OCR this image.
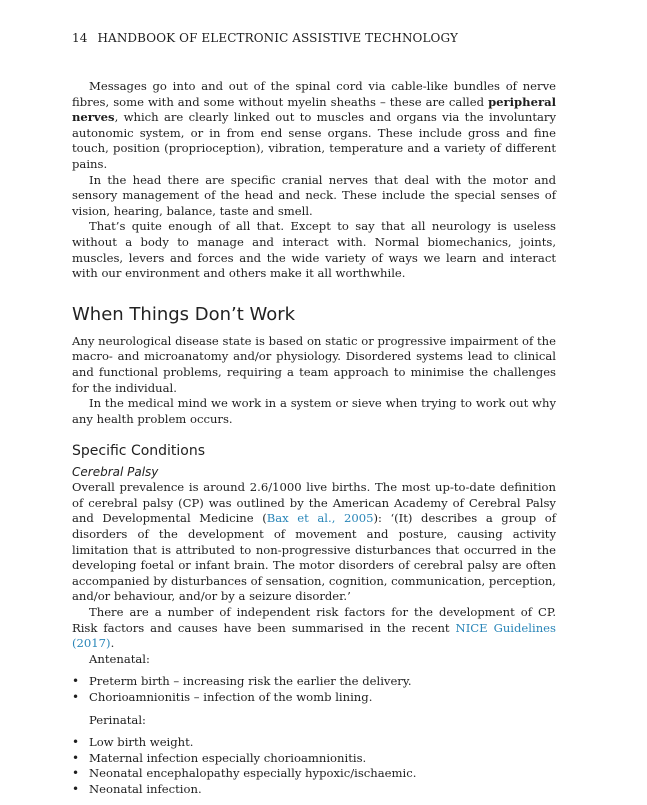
14 HANDBOOK OF ELECTRONIC ASSISTIVE TECHNOLOGY

Messages go into and out of the spinal cord via cable-like bundles of nerve fibres, some with and some without myelin sheaths – these are called peripheral nerves, which are clearly linked out to muscles and organs via the involuntary autonomic system, or in from end sense organs. These include gross and fine touch, position (proprioception), vibration, temperature and a variety of different pains.

In the head there are specific cranial nerves that deal with the motor and sensory management of the head and neck. These include the special senses of vision, hearing, balance, taste and smell.

That’s quite enough of all that. Except to say that all neurology is useless without a body to manage and interact with. Normal biomechanics, joints, muscles, levers and forces and the wide variety of ways we learn and interact with our environment and others make it all worthwhile.

When Things Don’t Work

Any neurological disease state is based on static or progressive impairment of the macro- and microanatomy and/or physiology. Disordered systems lead to clinical and functional problems, requiring a team approach to minimise the challenges for the individual.

In the medical mind we work in a system or sieve when trying to work out why any health problem occurs.

Specific Conditions
Cerebral Palsy

Overall prevalence is around 2.6/1000 live births. The most up-to-date definition of cerebral palsy (CP) was outlined by the American Academy of Cerebral Palsy and Developmental Medicine (Bax et al., 2005): ‘(It) describes a group of disorders of the development of movement and posture, causing activity limitation that is attributed to non-progressive disturbances that occurred in the developing foetal or infant brain. The motor disorders of cerebral palsy are often accompanied by disturbances of sensation, cognition, communication, perception, and/or behaviour, and/or by a seizure disorder.’

There are a number of independent risk factors for the development of CP. Risk factors and causes have been summarised in the recent NICE Guidelines (2017).

Antenatal:

• Preterm birth – increasing risk the earlier the delivery.
• Chorioamnionitis – infection of the womb lining.

Perinatal:

• Low birth weight.
• Maternal infection especially chorioamnionitis.
• Neonatal encephalopathy especially hypoxic/ischaemic.
• Neonatal infection.
